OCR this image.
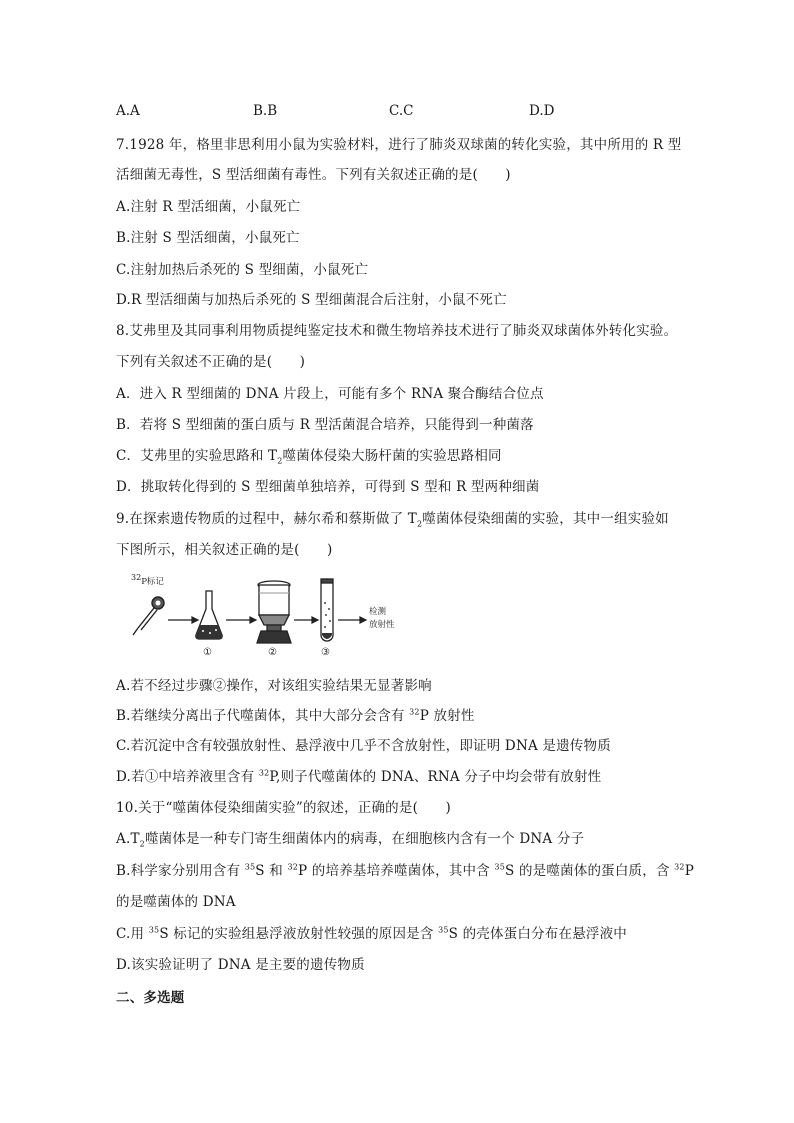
A.A	B.B	C.C	D.D
7.1928 年，格里非思利用小鼠为实验材料，进行了肺炎双球菌的转化实验，其中所用的 R 型
活细菌无毒性，S 型活细菌有毒性。下列有关叙述正确的是(　　)
A.注射 R 型活细菌，小鼠死亡
B.注射 S 型活细菌，小鼠死亡
C.注射加热后杀死的 S 型细菌，小鼠死亡
D.R 型活细菌与加热后杀死的 S 型细菌混合后注射，小鼠不死亡
8.艾弗里及其同事利用物质提纯鉴定技术和微生物培养技术进行了肺炎双球菌体外转化实验。
下列有关叙述不正确的是(　　)
A．进入 R 型细菌的 DNA 片段上，可能有多个 RNA 聚合酶结合位点
B．若将 S 型细菌的蛋白质与 R 型活菌混合培养，只能得到一种菌落
C．艾弗里的实验思路和 $T_2$噬菌体侵染大肠杆菌的实验思路相同
D．挑取转化得到的 S 型细菌单独培养，可得到 S 型和 R 型两种细菌
9.在探索遗传物质的过程中，赫尔希和蔡斯做了 $T_2$噬菌体侵染细菌的实验，其中一组实验如
下图所示，相关叙述正确的是(　　)
$^{32}$P标记
①	②	③
检测
放射性
A.若不经过步骤②操作，对该组实验结果无显著影响
B.若继续分离出子代噬菌体，其中大部分会含有 $^{32}$P 放射性
C.若沉淀中含有较强放射性、悬浮液中几乎不含放射性，即证明 DNA 是遗传物质
D.若①中培养液里含有 $^{32}$P,则子代噬菌体的 DNA、RNA 分子中均会带有放射性
10.关于“噬菌体侵染细菌实验”的叙述，正确的是(　　)
$A.T_2$噬菌体是一种专门寄生细菌体内的病毒，在细胞核内含有一个 DNA 分子
B.科学家分别用含有 $^{35}$S 和 $^{32}$P 的培养基培养噬菌体，其中含 $^{35}$S 的是噬菌体的蛋白质，含 $^{32}$P
的是噬菌体的 DNA
C.用 $^{35}$S 标记的实验组悬浮液放射性较强的原因是含 $^{35}$S 的壳体蛋白分布在悬浮液中
D.该实验证明了 DNA 是主要的遗传物质
二、多选题
